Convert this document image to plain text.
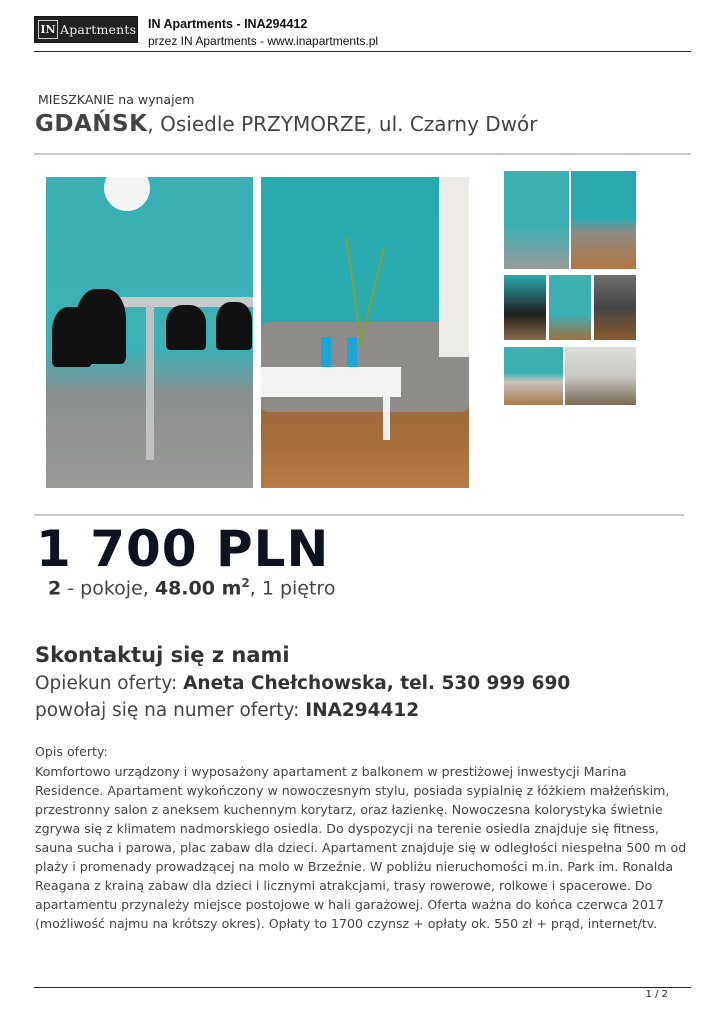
IN Apartments IN Apartments - INA294412
przez IN Apartments - www.inapartments.pl
MIESZKANIE na wynajem
GDAŃSK, Osiedle PRZYMORZE, ul. Czarny Dwór
1 700 PLN
2 - pokoje, 48.00 $m^2$, 1 piętro
Skontaktuj się z nami
Opiekun oferty: Aneta Chełchowska, tel. 530 999 690
powołaj się na numer oferty: INA294412
Opis oferty:
Komfortowo urządzony i wyposażony apartament z balkonem w prestiżowej inwestycji Marina Residence. Apartament wykończony w nowoczesnym stylu, posiada sypialnię z łóżkiem małżeńskim, przestronny salon z aneksem kuchennym korytarz, oraz łazienkę. Nowoczesna kolorystyka świetnie zgrywa się z klimatem nadmorskiego osiedla. Do dyspozycji na terenie osiedla znajduje się fitness, sauna sucha i parowa, plac zabaw dla dzieci. Apartament znajduje się w odległości niespełna 500 m od plaży i promenady prowadzącej na molo w Brzeźnie. W pobliżu nieruchomości m.in. Park im. Ronalda Reagana z krainą zabaw dla dzieci i licznymi atrakcjami, trasy rowerowe, rolkowe i spacerowe. Do apartamentu przynależy miejsce postojowe w hali garażowej. Oferta ważna do końca czerwca 2017 (możliwość najmu na krótszy okres). Opłaty to 1700 czynsz + opłaty ok. 550 zł + prąd, internet/tv.
1 / 2
